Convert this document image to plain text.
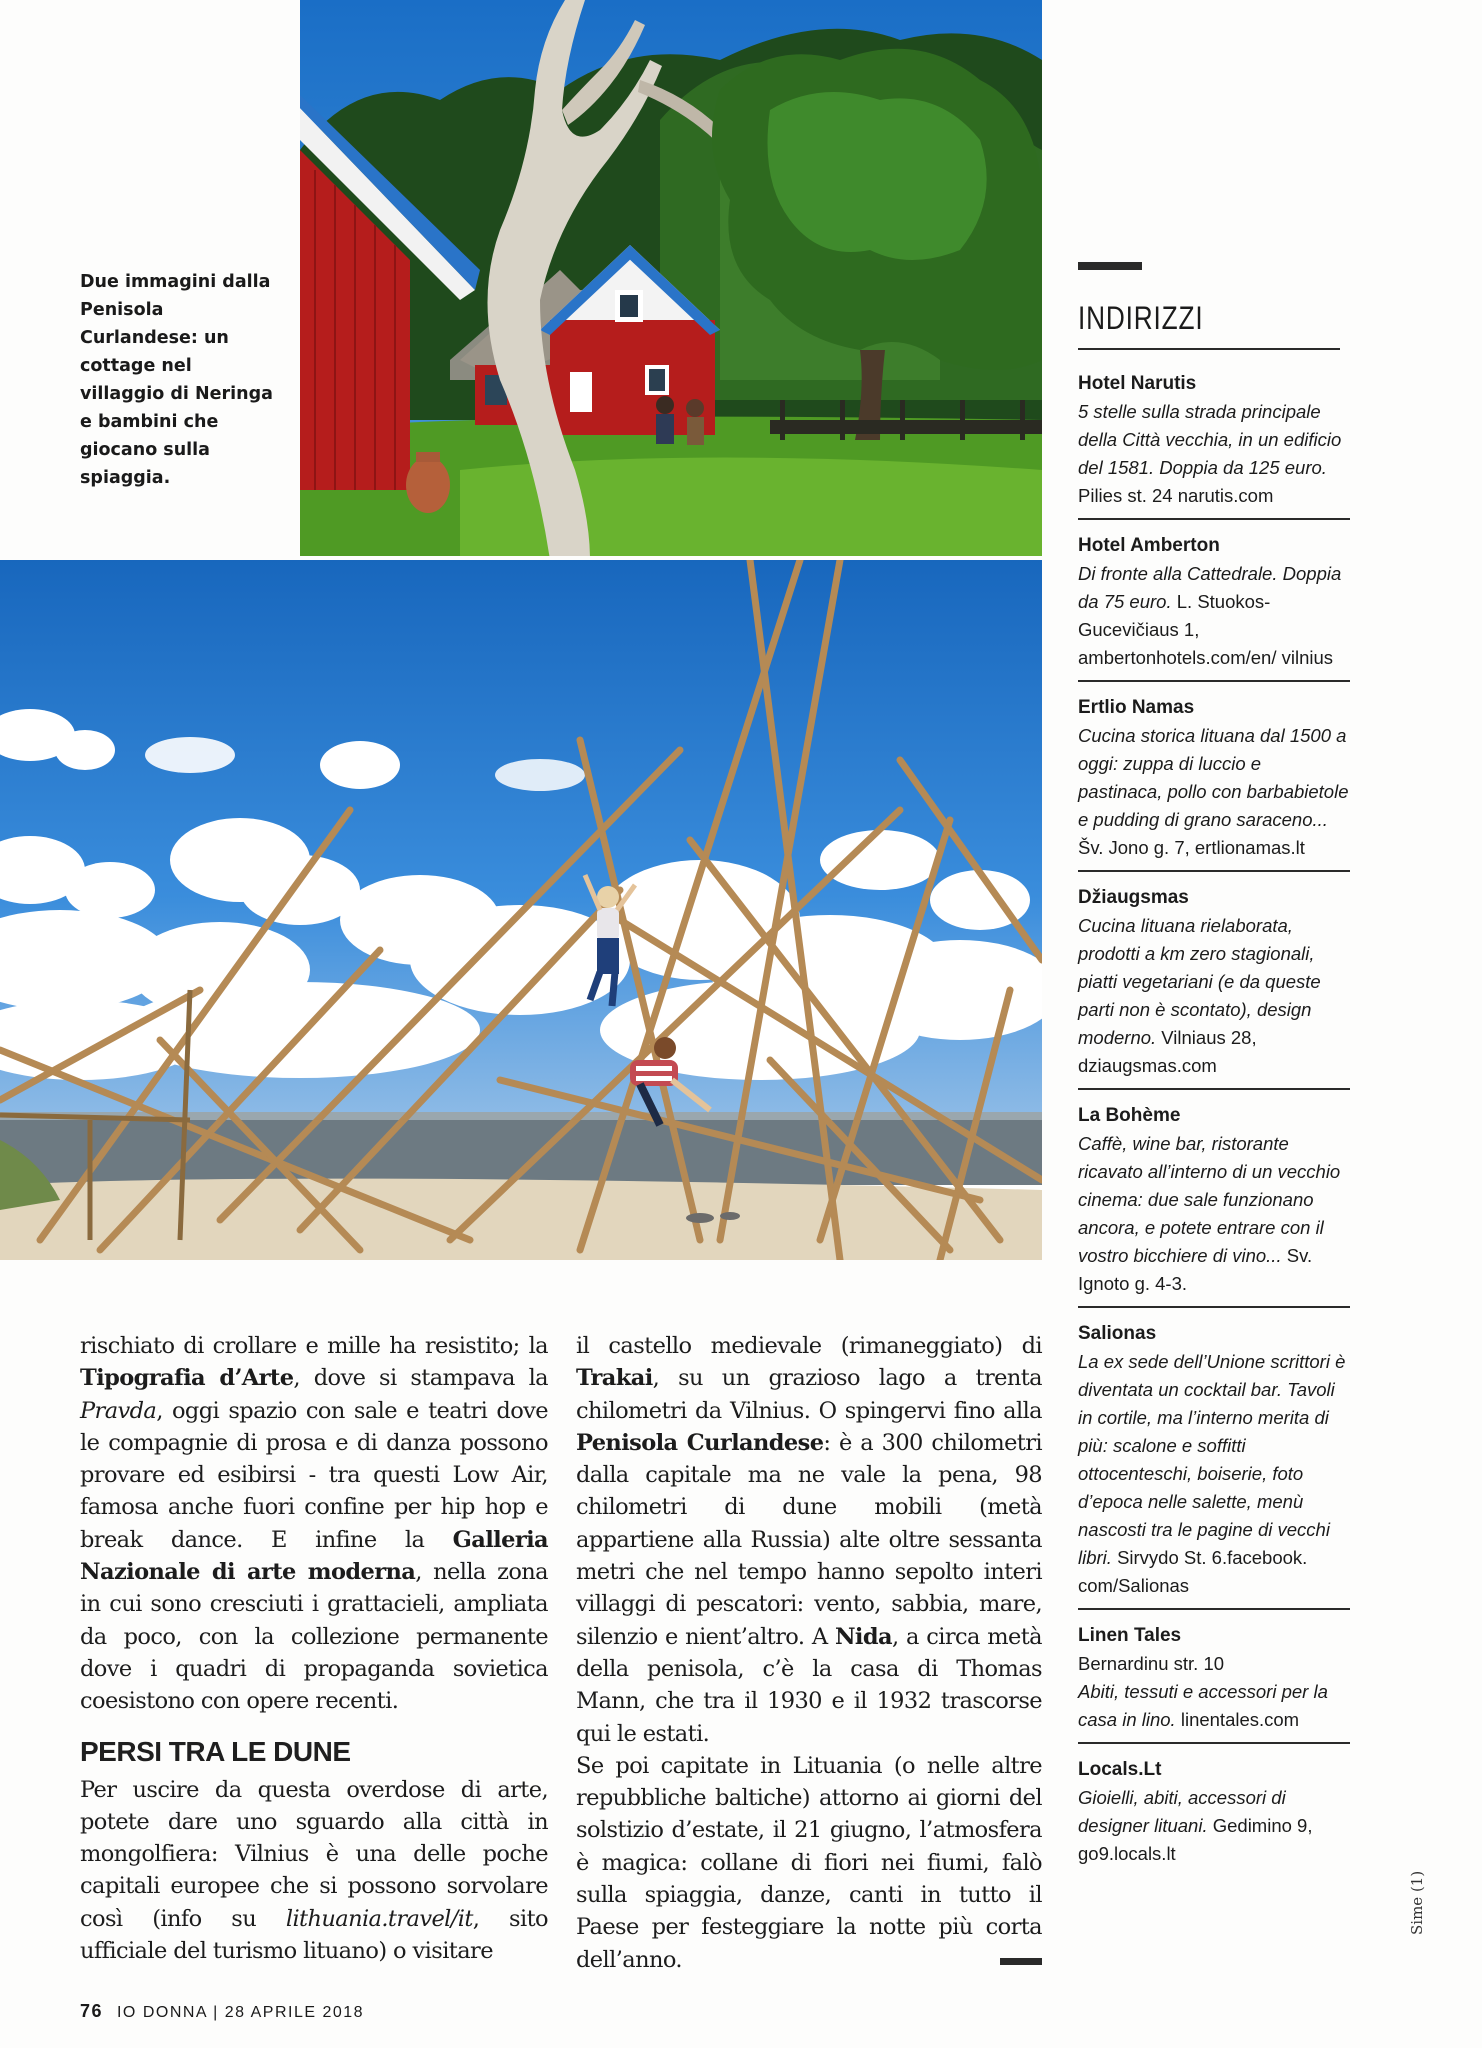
Due immagini dalla Penisola Curlandese: un cottage nel villaggio di Neringa e bambini che giocano sulla spiaggia.

rischiato di crollare e mille ha resistito; la Tipografia d’Arte, dove si stampava la Pravda, oggi spazio con sale e teatri dove le compagnie di prosa e di danza possono provare ed esibirsi - tra questi Low Air, famosa anche fuori confine per hip hop e break dance. E infine la Galleria Nazionale di arte moderna, nella zona in cui sono cresciuti i grattacieli, ampliata da poco, con la collezione permanente dove i quadri di propaganda sovietica coesistono con opere recenti.

PERSI TRA LE DUNE

Per uscire da questa overdose di arte, potete dare uno sguardo alla città in mongolfiera: Vilnius è una delle poche capitali europee che si possono sorvolare così (info su lithuania.travel/it, sito ufficiale del turismo lituano) o visitare

il castello medievale (rimaneggiato) di Trakai, su un grazioso lago a trenta chilometri da Vilnius. O spingervi fino alla Penisola Curlandese: è a 300 chilometri dalla capitale ma ne vale la pena, 98 chilometri di dune mobili (metà appartiene alla Russia) alte oltre sessanta metri che nel tempo hanno sepolto interi villaggi di pescatori: vento, sabbia, mare, silenzio e nient’altro. A Nida, a circa metà della penisola, c’è la casa di Thomas Mann, che tra il 1930 e il 1932 trascorse qui le estati.

Se poi capitate in Lituania (o nelle altre repubbliche baltiche) attorno ai giorni del solstizio d’estate, il 21 giugno, l’atmosfera è magica: collane di fiori nei fiumi, falò sulla spiaggia, danze, canti in tutto il Paese per festeggiare la notte più corta dell’anno.

INDIRIZZI
Hotel Narutis
5 stelle sulla strada principale della Città vecchia, in un edificio del 1581. Doppia da 125 euro. Pilies st. 24 narutis.com
Hotel Amberton
Di fronte alla Cattedrale. Doppia da 75 euro. L. Stuokos-Gucevičiaus 1, ambertonhotels.com/en/ vilnius
Ertlio Namas
Cucina storica lituana dal 1500 a oggi: zuppa di luccio e pastinaca, pollo con barbabietole e pudding di grano saraceno... Šv. Jono g. 7, ertlionamas.lt
Džiaugsmas
Cucina lituana rielaborata, prodotti a km zero stagionali, piatti vegetariani (e da queste parti non è scontato), design moderno. Vilniaus 28, dziaugsmas.com
La Bohème
Caffè, wine bar, ristorante ricavato all’interno di un vecchio cinema: due sale funzionano ancora, e potete entrare con il vostro bicchiere di vino... Sv. Ignoto g. 4-3.
Salionas
La ex sede dell’Unione scrittori è diventata un cocktail bar. Tavoli in cortile, ma l’interno merita di più: scalone e soffitti ottocenteschi, boiserie, foto d’epoca nelle salette, menù nascosti tra le pagine di vecchi libri. Sirvydo St. 6.facebook. com/Salionas
Linen Tales
Bernardinu str. 10
Abiti, tessuti e accessori per la casa in lino. linentales.com
Locals.Lt
Gioielli, abiti, accessori di designer lituani. Gedimino 9, go9.locals.lt
76 IO DONNA | 28 APRILE 2018
Sime (1)
